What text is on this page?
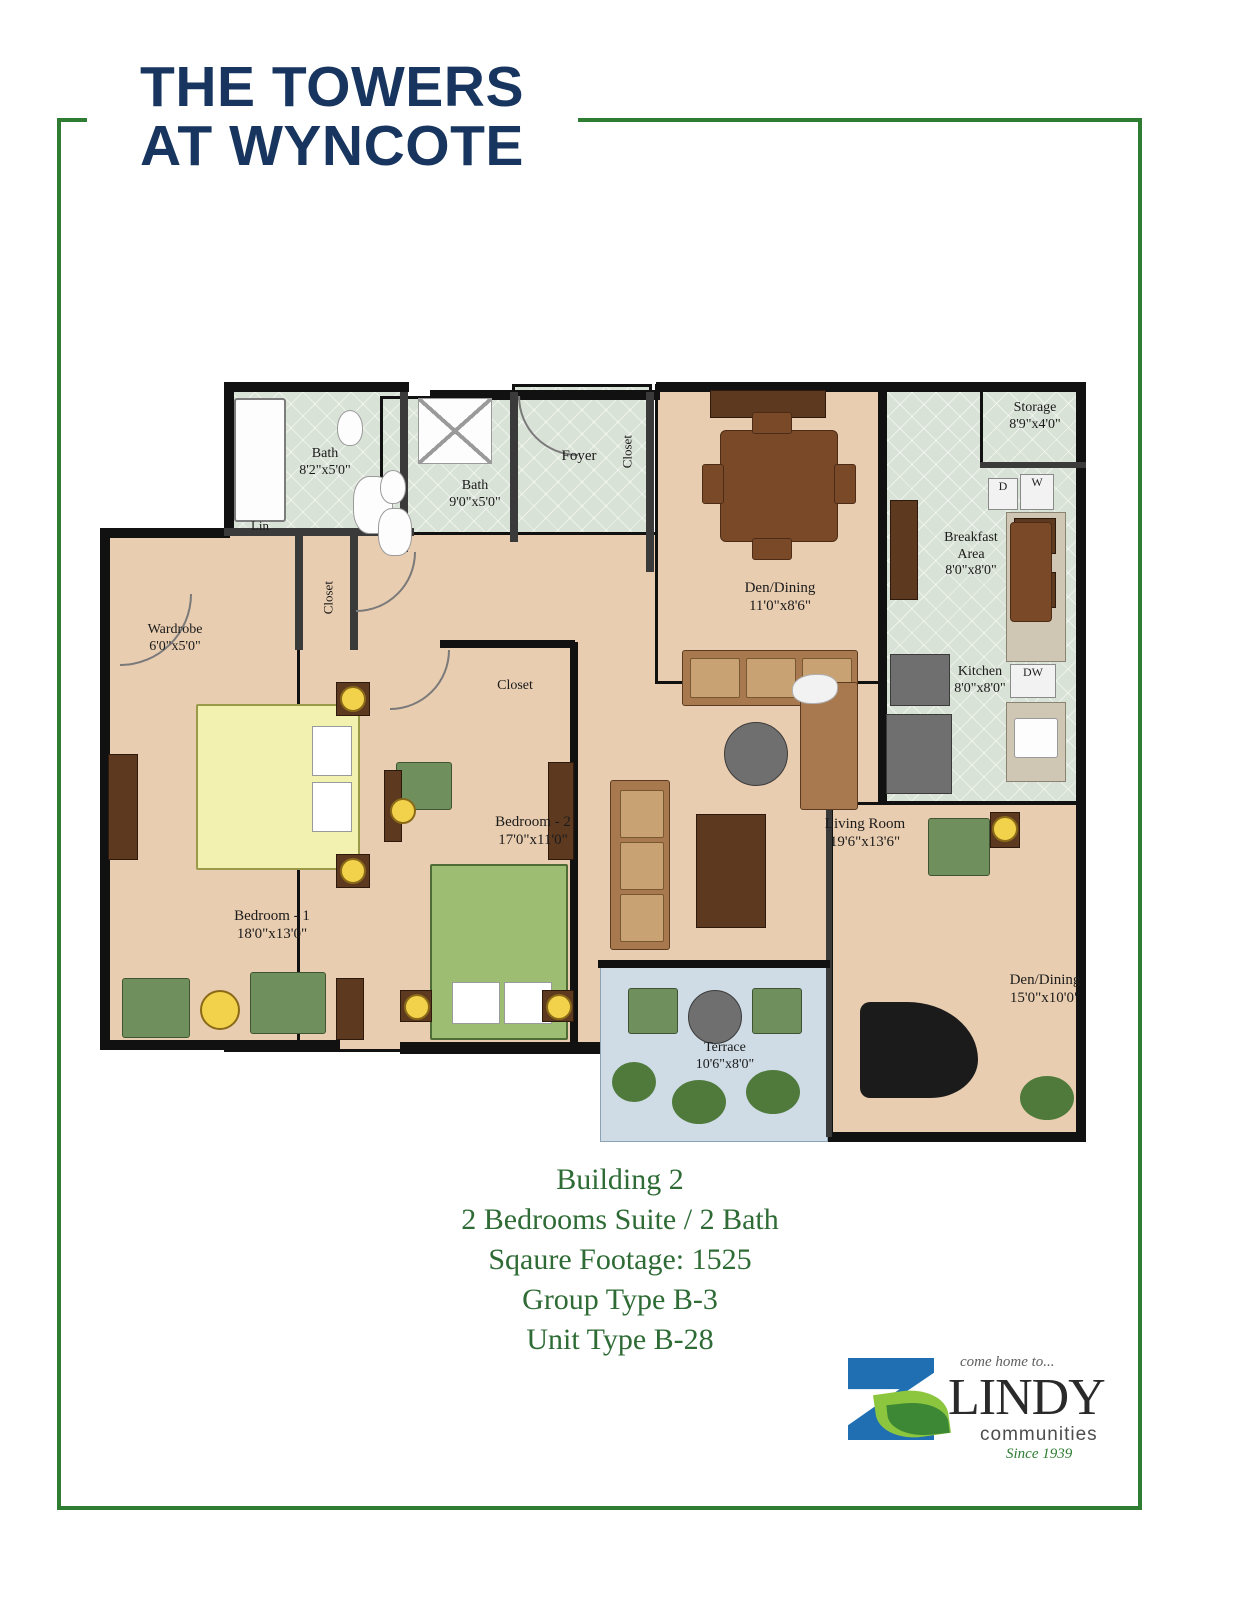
THE TOWERS
AT WYNCOTE
W
D
DW
Bath
8'2"x5'0"
Bath
9'0"x5'0"
Foyer	Closet
Lin
Storage
8'9"x4'0"
Den/Dining
11'0"x8'6"
Breakfast
Area
8'0"x8'0"
Kitchen
8'0"x8'0"
Wardrobe
6'0"x5'0"
Closet
Closet
Bedroom - 1
18'0"x13'0"
Bedroom - 2
17'0"x11'0"
Living Room
19'6"x13'6"
Den/Dining
15'0"x10'0"
Terrace
10'6"x8'0"
Building 2
2 Bedrooms Suite / 2 Bath
Sqaure Footage: 1525
Group Type B-3
Unit Type B-28
come home to...
LINDY
communities
Since 1939
